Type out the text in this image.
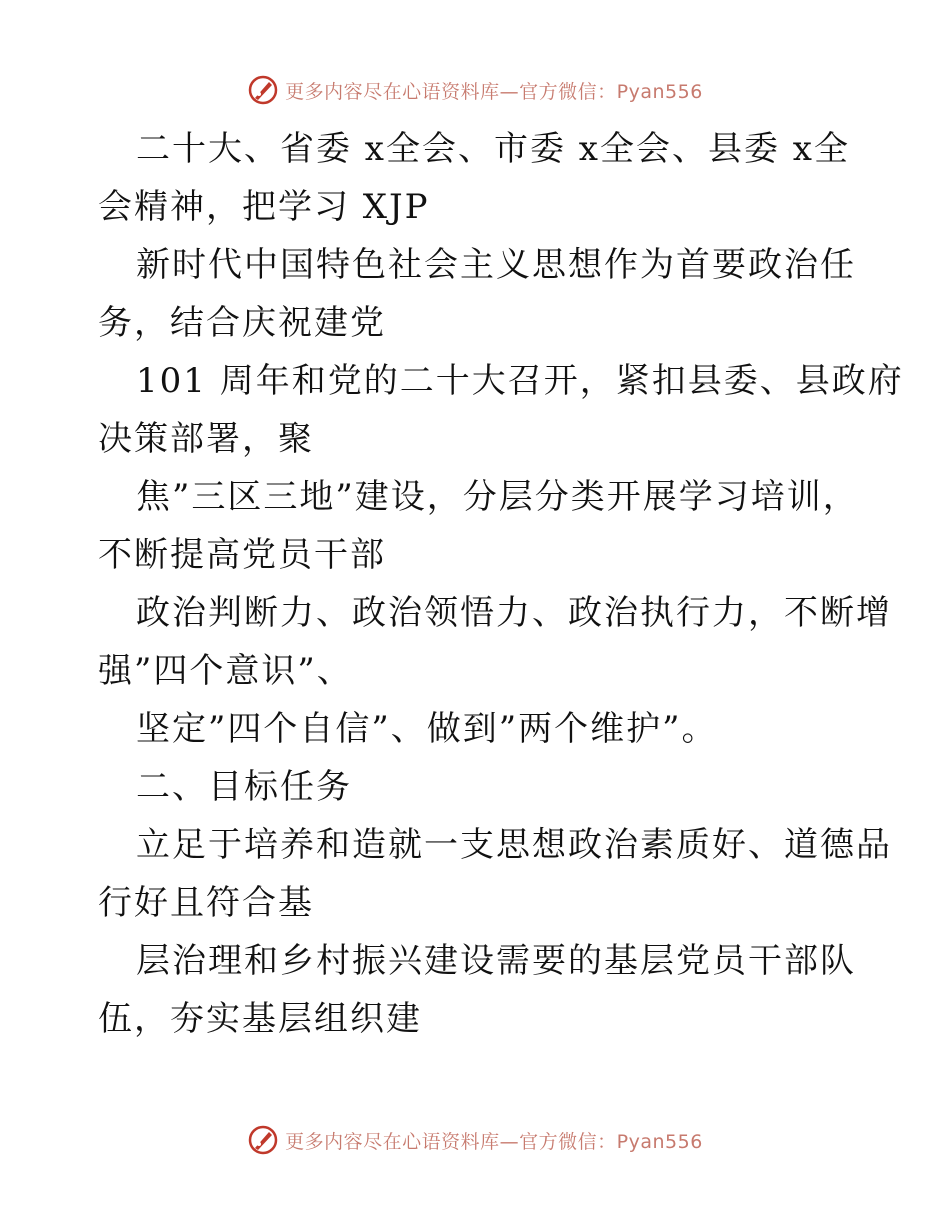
更多内容尽在心语资料库—官方微信：Pyan556
二十大、省委 x全会、市委 x全会、县委 x全
会精神，把学习 XJP
新时代中国特色社会主义思想作为首要政治任
务，结合庆祝建党
101 周年和党的二十大召开，紧扣县委、县政府
决策部署，聚
焦”三区三地”建设，分层分类开展学习培训，
不断提高党员干部
政治判断力、政治领悟力、政治执行力，不断增
强”四个意识”、
坚定”四个自信”、做到”两个维护”。
二、目标任务
立足于培养和造就一支思想政治素质好、道德品
行好且符合基
层治理和乡村振兴建设需要的基层党员干部队
伍，夯实基层组织建
更多内容尽在心语资料库—官方微信：Pyan556
